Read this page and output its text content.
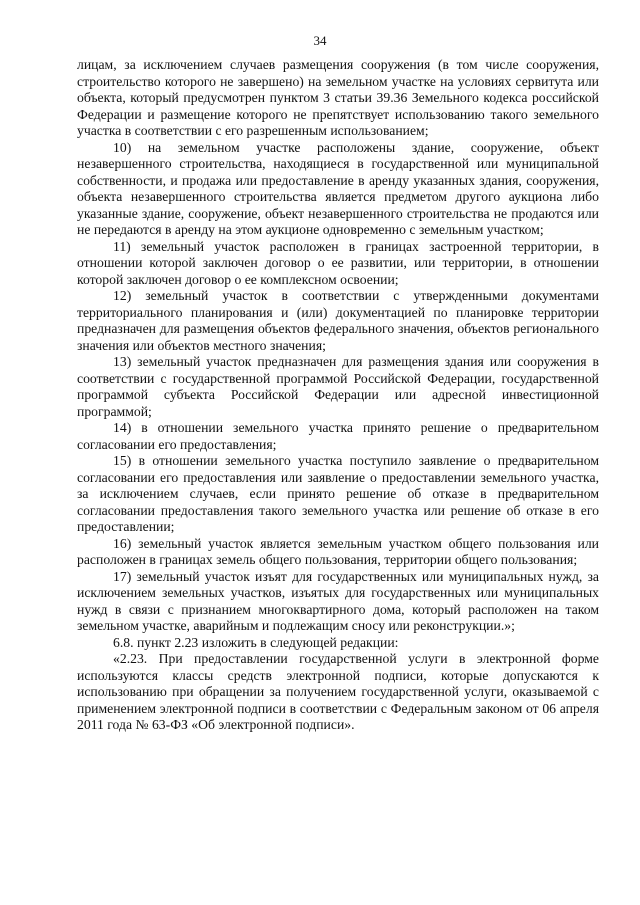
34

лицам, за исключением случаев размещения сооружения (в том числе сооружения, строительство которого не завершено) на земельном участке на условиях сервитута или объекта, который предусмотрен пунктом 3 статьи 39.36 Земельного кодекса российской Федерации и размещение которого не препятствует использованию такого земельного участка в соответствии с его разрешенным использованием;

10) на земельном участке расположены здание, сооружение, объект незавершенного строительства, находящиеся в государственной или муниципальной собственности, и продажа или предоставление в аренду указанных здания, сооружения, объекта незавершенного строительства является предметом другого аукциона либо указанные здание, сооружение, объект незавершенного строительства не продаются или не передаются в аренду на этом аукционе одновременно с земельным участком;

11) земельный участок расположен в границах застроенной территории, в отношении которой заключен договор о ее развитии, или территории, в отношении которой заключен договор о ее комплексном освоении;

12) земельный участок в соответствии с утвержденными документами территориального планирования и (или) документацией по планировке территории предназначен для размещения объектов федерального значения, объектов регионального значения или объектов местного значения;

13) земельный участок предназначен для размещения здания или сооружения в соответствии с государственной программой Российской Федерации, государственной программой субъекта Российской Федерации или адресной инвестиционной программой;

14) в отношении земельного участка принято решение о предварительном согласовании его предоставления;

15) в отношении земельного участка поступило заявление о предварительном согласовании его предоставления или заявление о предоставлении земельного участка, за исключением случаев, если принято решение об отказе в предварительном согласовании предоставления такого земельного участка или решение об отказе в его предоставлении;

16) земельный участок является земельным участком общего пользования или расположен в границах земель общего пользования, территории общего пользования;

17) земельный участок изъят для государственных или муниципальных нужд, за исключением земельных участков, изъятых для государственных или муниципальных нужд в связи с признанием многоквартирного дома, который расположен на таком земельном участке, аварийным и подлежащим сносу или реконструкции.»;

6.8. пункт 2.23 изложить в следующей редакции:

«2.23. При предоставлении государственной услуги в электронной форме используются классы средств электронной подписи, которые допускаются к использованию при обращении за получением государственной услуги, оказываемой с применением электронной подписи в соответствии с Федеральным законом от 06 апреля 2011 года № 63-ФЗ «Об электронной подписи».
